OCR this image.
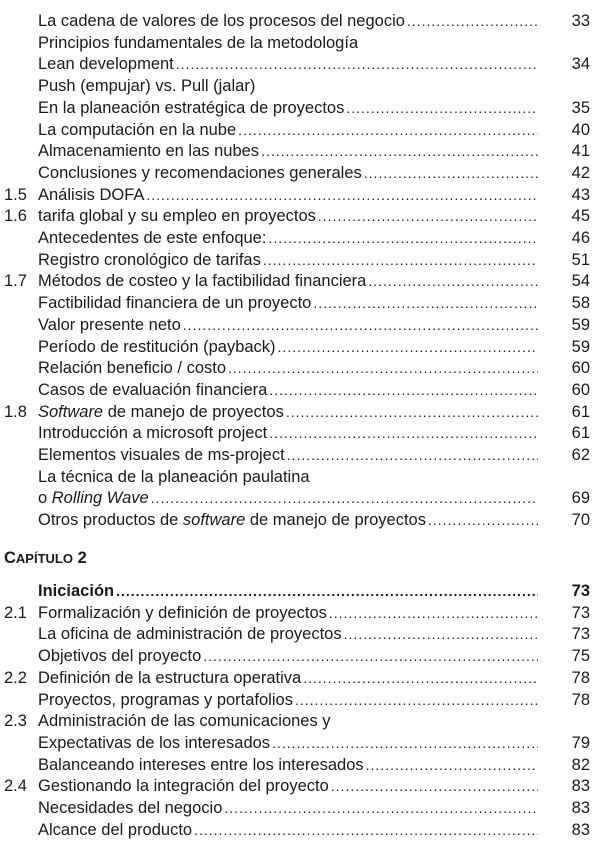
La cadena de valores de los procesos del negocio .....	33
Principios fundamentales de la metodología
Lean development .....	34
Push (empujar) vs. Pull (jalar)
En la planeación estratégica de proyectos .....	35
La computación en la nube .....	40
Almacenamiento en las nubes .....	41
Conclusiones y recomendaciones generales .....	42
1.5 Análisis DOFA .....	43
1.6 tarifa global y su empleo en proyectos .....	45
Antecedentes de este enfoque: .....	46
Registro cronológico de tarifas .....	51
1.7 Métodos de costeo y la factibilidad financiera .....	54
Factibilidad financiera de un proyecto .....	58
Valor presente neto .....	59
Período de restitución (payback) .....	59
Relación beneficio / costo .....	60
Casos de evaluación financiera .....	60
1.8 Software de manejo de proyectos .....	61
Introducción a microsoft project .....	61
Elementos visuales de ms-project .....	62
La técnica de la planeación paulatina
o Rolling Wave .....	69
Otros productos de software de manejo de proyectos .....	70
Iniciación .....	73
2.1 Formalización y definición de proyectos .....	73
La oficina de administración de proyectos .....	73
Objetivos del proyecto .....	75
2.2 Definición de la estructura operativa .....	78
Proyectos, programas y portafolios .....	78
2.3 Administración de las comunicaciones y
Expectativas de los interesados .....	79
Balanceando intereses entre los interesados .....	82
2.4 Gestionando la integración del proyecto .....	83
Necesidades del negocio .....	83
Alcance del producto .....	83
CAPÍTULO 2
